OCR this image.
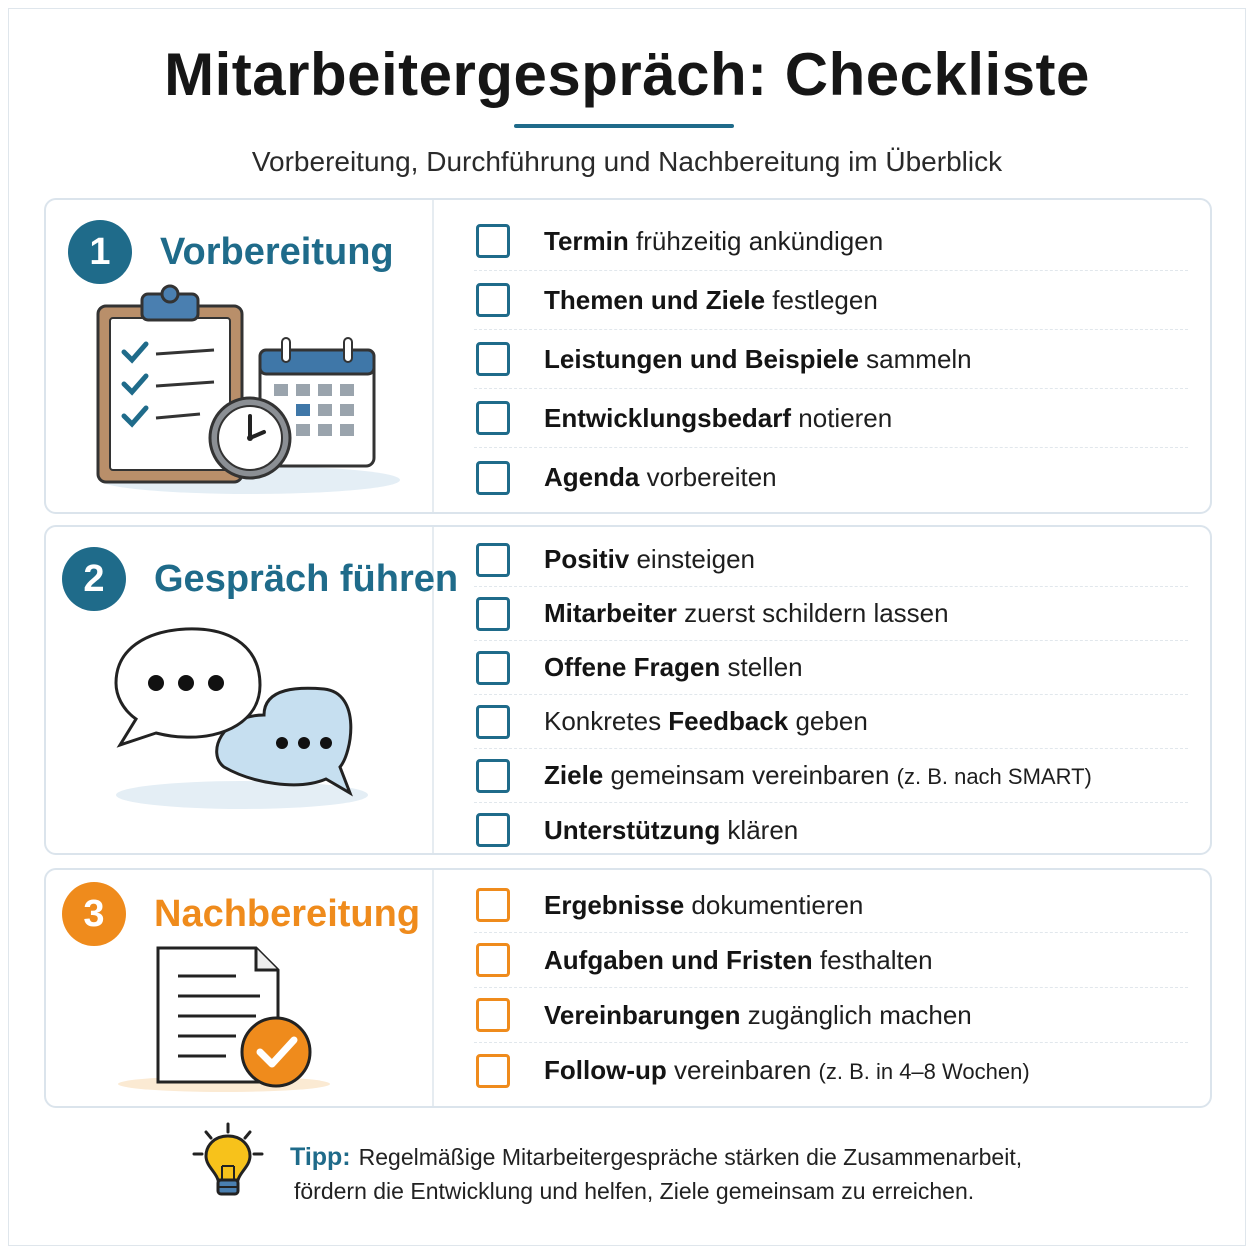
Mitarbeitergespräch: Checkliste
Vorbereitung, Durchführung und Nachbereitung im Überblick
1	Vorbereitung	Termin frühzeitig ankündigen
Themen und Ziele festlegen
Leistungen und Beispiele sammeln
Entwicklungsbedarf notieren
Agenda vorbereiten
2	Gespräch führen	Positiv einsteigen
Mitarbeiter zuerst schildern lassen
Offene Fragen stellen
Konkretes Feedback geben
Ziele gemeinsam vereinbaren (z. B. nach SMART)
Unterstützung klären
3	Nachbereitung	Ergebnisse dokumentieren
Aufgaben und Fristen festhalten
Vereinbarungen zugänglich machen
Follow-up vereinbaren (z. B. in 4–8 Wochen)
Tipp: Regelmäßige Mitarbeitergespräche stärken die Zusammenarbeit,
fördern die Entwicklung und helfen, Ziele gemeinsam zu erreichen.
